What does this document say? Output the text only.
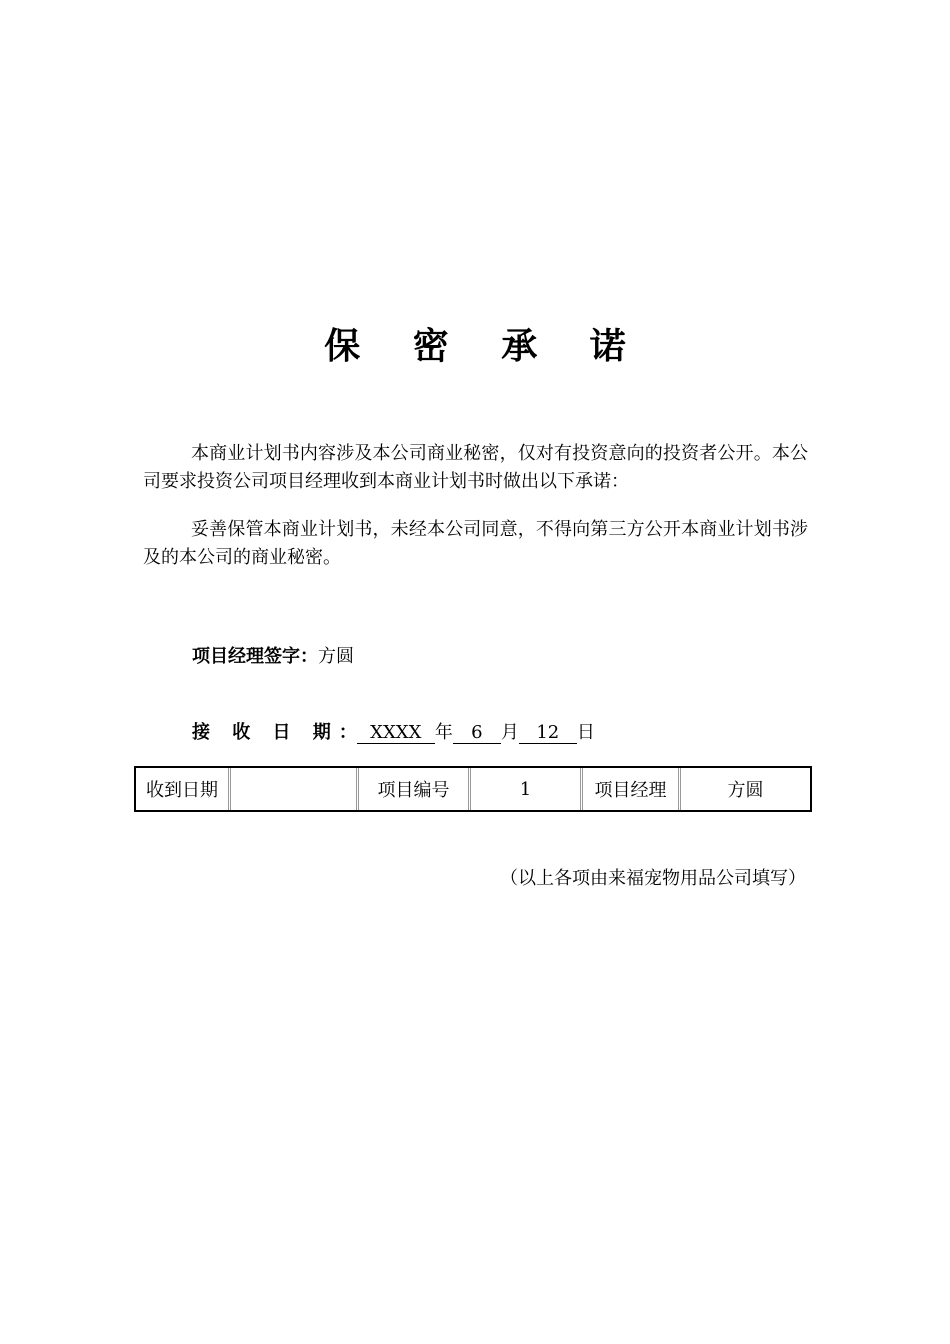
保 密 承 诺

本商业计划书内容涉及本公司商业秘密，仅对有投资意向的投资者公开。本公司要求投资公司项目经理收到本商业计划书时做出以下承诺：

妥善保管本商业计划书，未经本公司同意，不得向第三方公开本商业计划书涉及的本公司的商业秘密。

项目经理签字：方圆
接 收 日 期： XXXX 年 6 月 12 日
收到日期		项目编号	1	项目经理	方圆
（以上各项由来福宠物用品公司填写）
